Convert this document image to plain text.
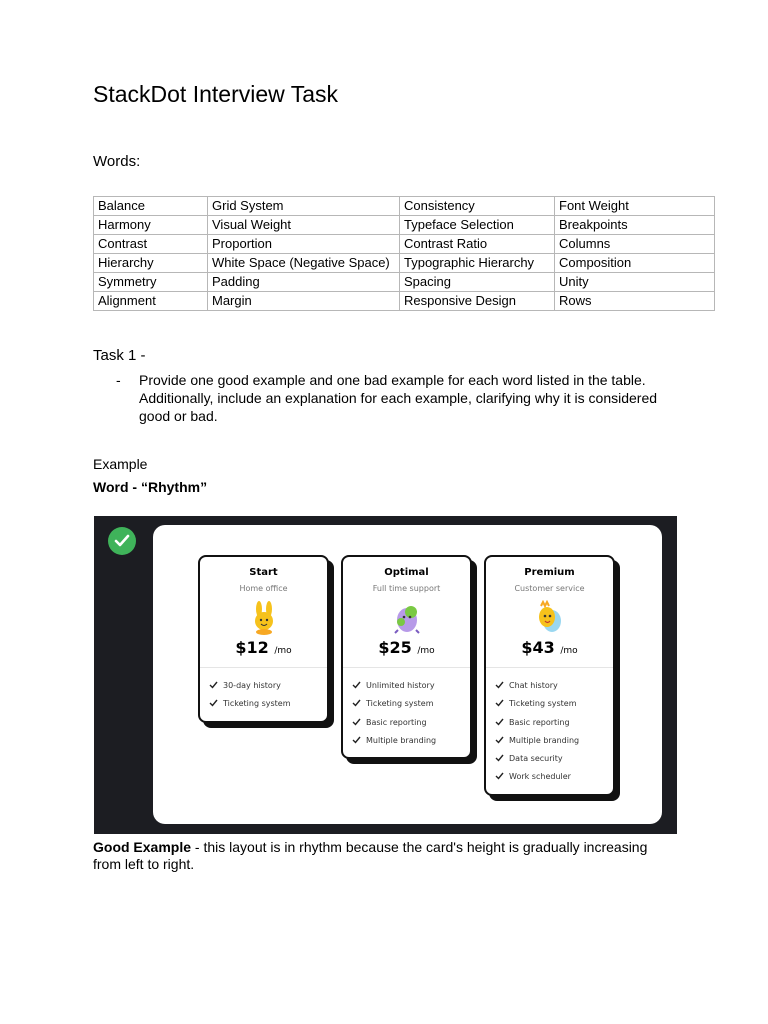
StackDot Interview Task
Words:
Balance	Grid System	Consistency	Font Weight
Harmony	Visual Weight	Typeface Selection	Breakpoints
Contrast	Proportion	Contrast Ratio	Columns
Hierarchy	White Space (Negative Space)	Typographic Hierarchy	Composition
Symmetry	Padding	Spacing	Unity
Alignment	Margin	Responsive Design	Rows
Task 1 -
- Provide one good example and one bad example for each word listed in the table. Additionally, include an explanation for each example, clarifying why it is considered good or bad.
Example
Word - “Rhythm”
Start
Home office
$12 /mo
30-day history
Ticketing system
Optimal
Full time support
$25 /mo
Unlimited history
Ticketing system
Basic reporting
Multiple branding
Premium
Customer service
$43 /mo
Chat history
Ticketing system
Basic reporting
Multiple branding
Data security
Work scheduler
Good Example - this layout is in rhythm because the card's height is gradually increasing from left to right.
